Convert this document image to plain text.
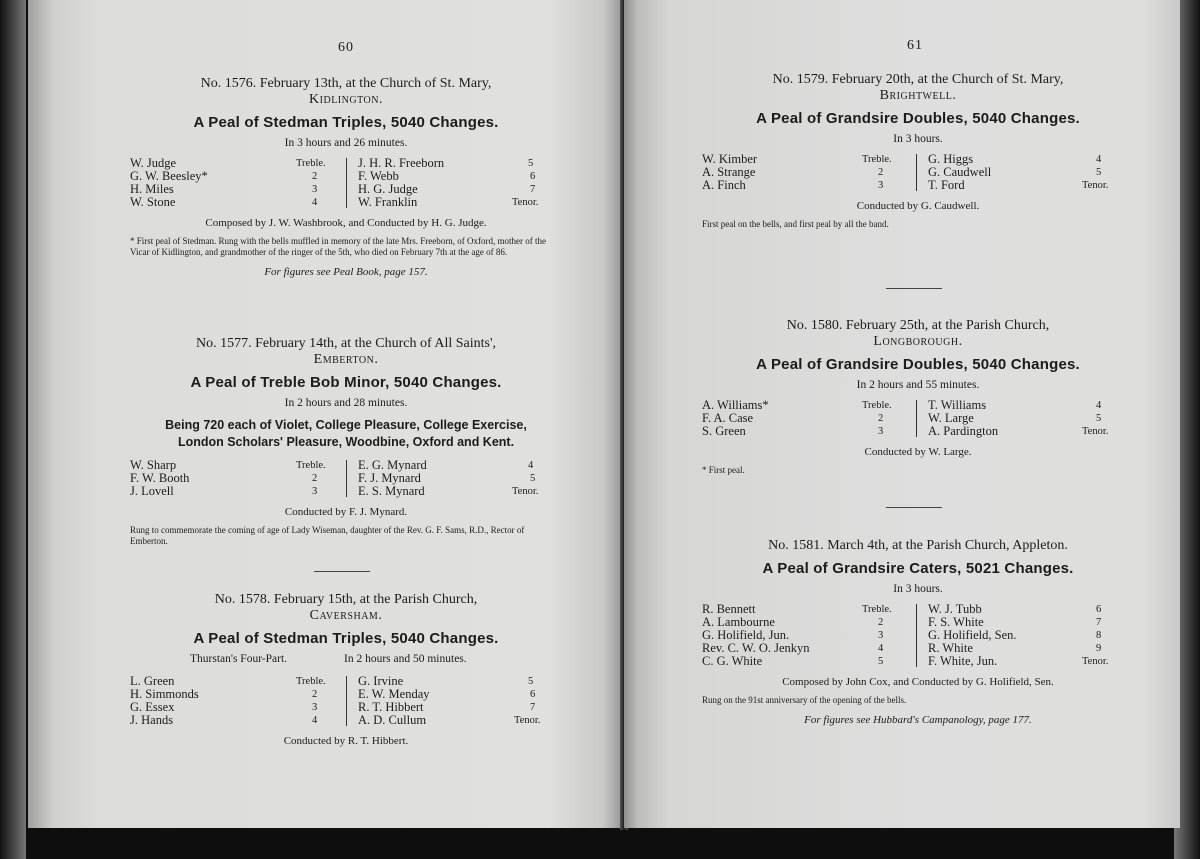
60
No. 1576. February 13th, at the Church of St. Mary,
Kidlington.
A Peal of Stedman Triples, 5040 Changes.
In 3 hours and 26 minutes.
W. Judge	Treble.	J. H. R. Freeborn	5
G. W. Beesley*	2	F. Webb	6
H. Miles	3	H. G. Judge	7
W. Stone	4	W. Franklin	Tenor.
Composed by J. W. Washbrook, and Conducted by H. G. Judge.
* First peal of Stedman. Rung with the bells muffled in memory of the late Mrs. Freeborn, of Oxford, mother of the Vicar of Kidlington, and grandmother of the ringer of the 5th, who died on February 7th at the age of 86.
For figures see Peal Book, page 157.
No. 1577. February 14th, at the Church of All Saints',
Emberton.
A Peal of Treble Bob Minor, 5040 Changes.
In 2 hours and 28 minutes.
Being 720 each of Violet, College Pleasure, College Exercise,
London Scholars' Pleasure, Woodbine, Oxford and Kent.
W. Sharp	Treble.	E. G. Mynard	4
F. W. Booth	2	F. J. Mynard	5
J. Lovell	3	E. S. Mynard	Tenor.
Conducted by F. J. Mynard.
Rung to commemorate the coming of age of Lady Wiseman, daughter of the Rev. G. F. Sams, R.D., Rector of Emberton.
No. 1578. February 15th, at the Parish Church,
Caversham.
A Peal of Stedman Triples, 5040 Changes.
Thurstan's Four-Part.	In 2 hours and 50 minutes.
L. Green	Treble.	G. Irvine	5
H. Simmonds	2	E. W. Menday	6
G. Essex	3	R. T. Hibbert	7
J. Hands	4	A. D. Cullum	Tenor.
Conducted by R. T. Hibbert.
61
No. 1579. February 20th, at the Church of St. Mary,
Brightwell.
A Peal of Grandsire Doubles, 5040 Changes.
In 3 hours.
W. Kimber	Treble.	G. Higgs	4
A. Strange	2	G. Caudwell	5
A. Finch	3	T. Ford	Tenor.
Conducted by G. Caudwell.
First peal on the bells, and first peal by all the band.
No. 1580. February 25th, at the Parish Church,
Longborough.
A Peal of Grandsire Doubles, 5040 Changes.
In 2 hours and 55 minutes.
A. Williams*	Treble.	T. Williams	4
F. A. Case	2	W. Large	5
S. Green	3	A. Pardington	Tenor.
Conducted by W. Large.
* First peal.
No. 1581. March 4th, at the Parish Church, Appleton.
A Peal of Grandsire Caters, 5021 Changes.
In 3 hours.
R. Bennett	Treble.	W. J. Tubb	6
A. Lambourne	2	F. S. White	7
G. Holifield, Jun.	3	G. Holifield, Sen.	8
Rev. C. W. O. Jenkyn	4	R. White	9
C. G. White	5	F. White, Jun.	Tenor.
Composed by John Cox, and Conducted by G. Holifield, Sen.
Rung on the 91st anniversary of the opening of the bells.
For figures see Hubbard's Campanology, page 177.
